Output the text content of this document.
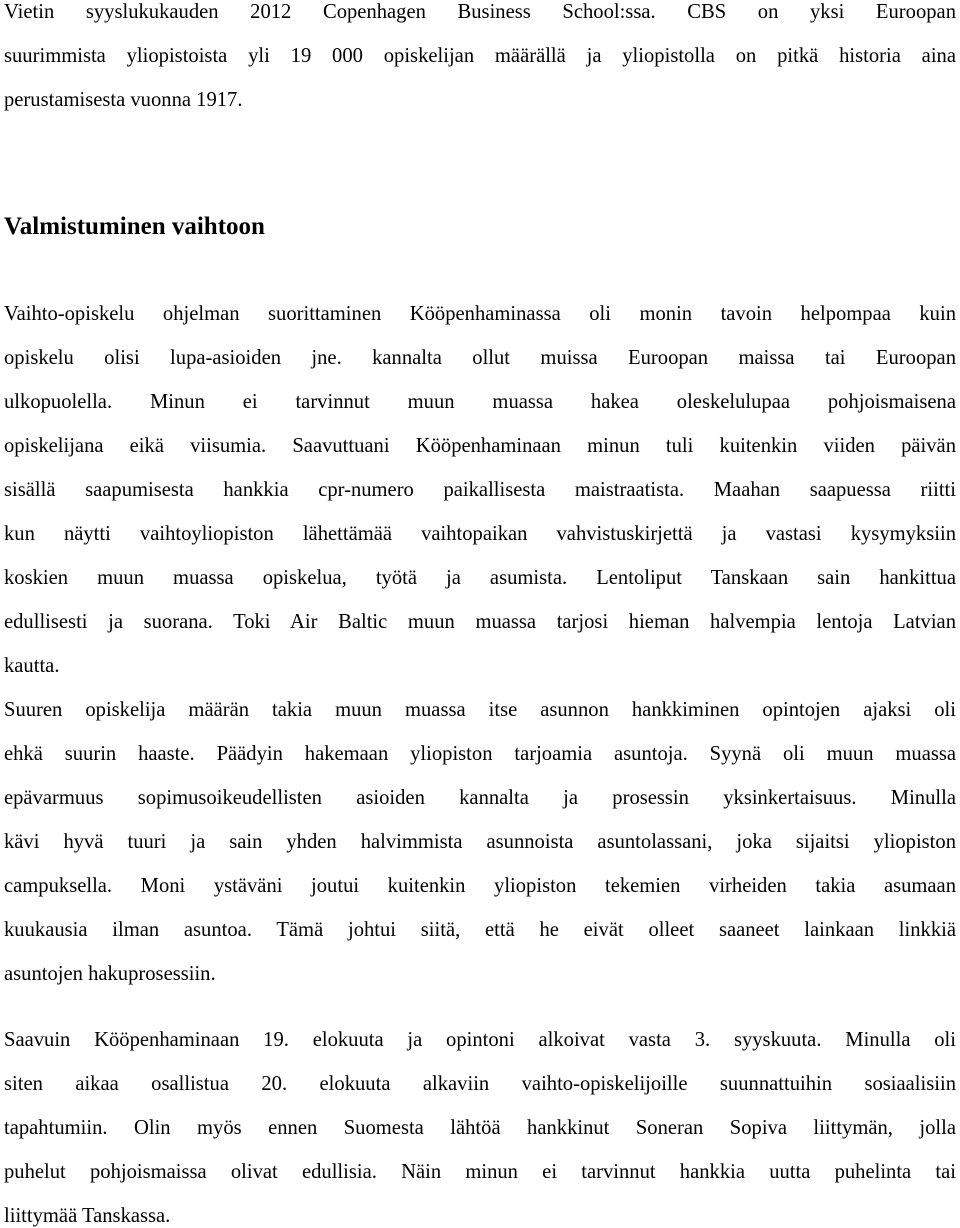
Vietin syyslukukauden 2012 Copenhagen Business School:ssa. CBS on yksi Euroopan
suurimmista yliopistoista yli 19 000 opiskelijan määrällä ja yliopistolla on pitkä historia aina
perustamisesta vuonna 1917.
Valmistuminen vaihtoon
Vaihto-opiskelu ohjelman suorittaminen Kööpenhaminassa oli monin tavoin helpompaa kuin
opiskelu olisi lupa-asioiden jne. kannalta ollut muissa Euroopan maissa tai Euroopan
ulkopuolella. Minun ei tarvinnut muun muassa hakea oleskelulupaa pohjoismaisena
opiskelijana eikä viisumia. Saavuttuani Kööpenhaminaan minun tuli kuitenkin viiden päivän
sisällä saapumisesta hankkia cpr-numero paikallisesta maistraatista. Maahan saapuessa riitti
kun näytti vaihtoyliopiston lähettämää vaihtopaikan vahvistuskirjettä ja vastasi kysymyksiin
koskien muun muassa opiskelua, työtä ja asumista. Lentoliput Tanskaan sain hankittua
edullisesti ja suorana. Toki Air Baltic muun muassa tarjosi hieman halvempia lentoja Latvian
kautta.
Suuren opiskelija määrän takia muun muassa itse asunnon hankkiminen opintojen ajaksi oli
ehkä suurin haaste. Päädyin hakemaan yliopiston tarjoamia asuntoja. Syynä oli muun muassa
epävarmuus sopimusoikeudellisten asioiden kannalta ja prosessin yksinkertaisuus. Minulla
kävi hyvä tuuri ja sain yhden halvimmista asunnoista asuntolassani, joka sijaitsi yliopiston
campuksella. Moni ystäväni joutui kuitenkin yliopiston tekemien virheiden takia asumaan
kuukausia ilman asuntoa. Tämä johtui siitä, että he eivät olleet saaneet lainkaan linkkiä
asuntojen hakuprosessiin.
Saavuin Kööpenhaminaan 19. elokuuta ja opintoni alkoivat vasta 3. syyskuuta. Minulla oli
siten aikaa osallistua 20. elokuuta alkaviin vaihto-opiskelijoille suunnattuihin sosiaalisiin
tapahtumiin. Olin myös ennen Suomesta lähtöä hankkinut Soneran Sopiva liittymän, jolla
puhelut pohjoismaissa olivat edullisia. Näin minun ei tarvinnut hankkia uutta puhelinta tai
liittymää Tanskassa.
